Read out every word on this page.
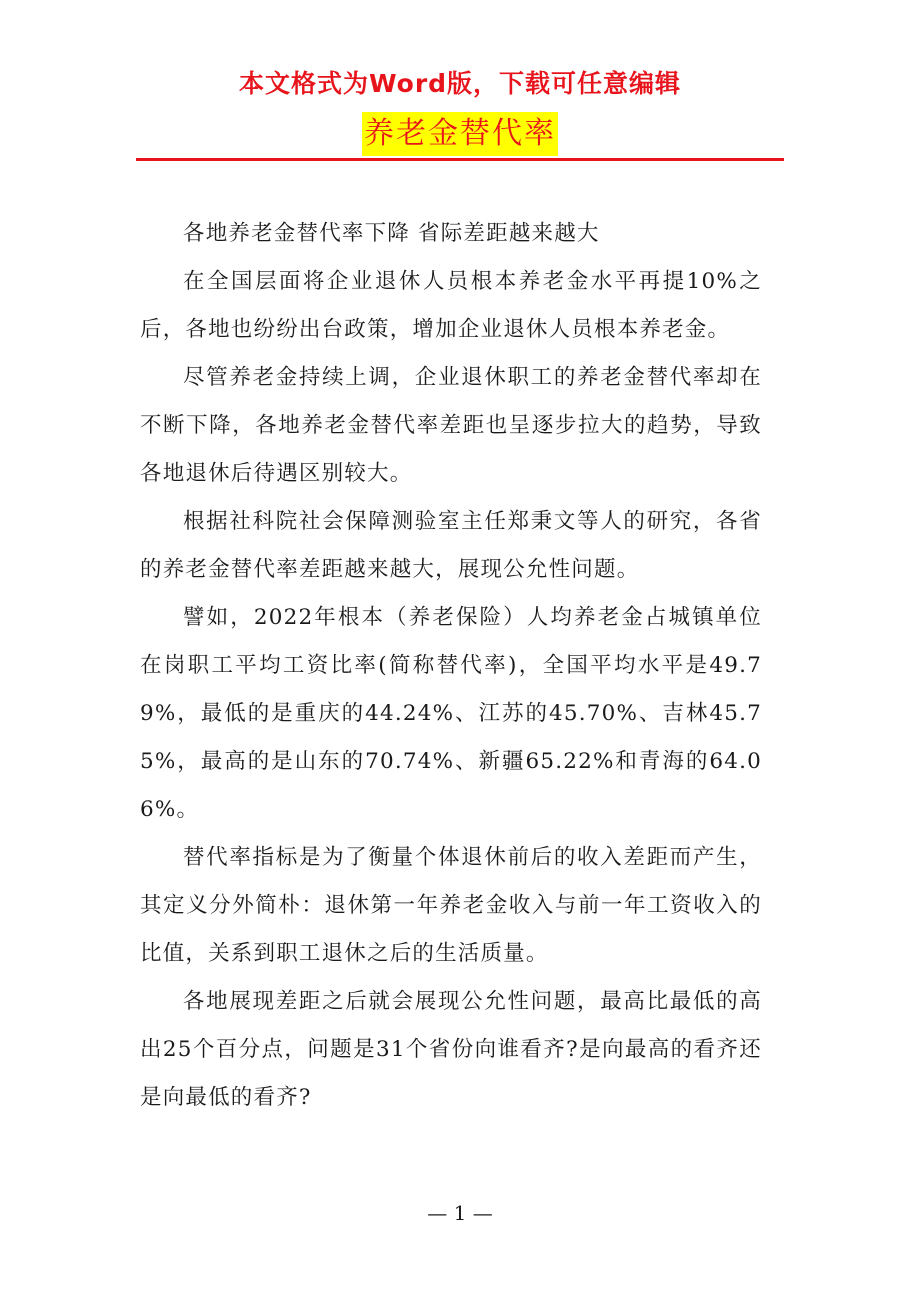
本文格式为Word版，下载可任意编辑
养老金替代率

各地养老金替代率下降 省际差距越来越大

在全国层面将企业退休人员根本养老金水平再提10%之后，各地也纷纷出台政策，增加企业退休人员根本养老金。

尽管养老金持续上调，企业退休职工的养老金替代率却在不断下降，各地养老金替代率差距也呈逐步拉大的趋势，导致各地退休后待遇区别较大。

根据社科院社会保障测验室主任郑秉文等人的研究，各省的养老金替代率差距越来越大，展现公允性问题。

譬如，2022年根本（养老保险）人均养老金占城镇单位在岗职工平均工资比率(简称替代率)，全国平均水平是49.79%，最低的是重庆的44.24%、江苏的45.70%、吉林45.75%，最高的是山东的70.74%、新疆65.22%和青海的64.06%。

替代率指标是为了衡量个体退休前后的收入差距而产生，其定义分外简朴：退休第一年养老金收入与前一年工资收入的比值，关系到职工退休之后的生活质量。

各地展现差距之后就会展现公允性问题，最高比最低的高出25个百分点，问题是31个省份向谁看齐?是向最高的看齐还是向最低的看齐?

— 1 —
